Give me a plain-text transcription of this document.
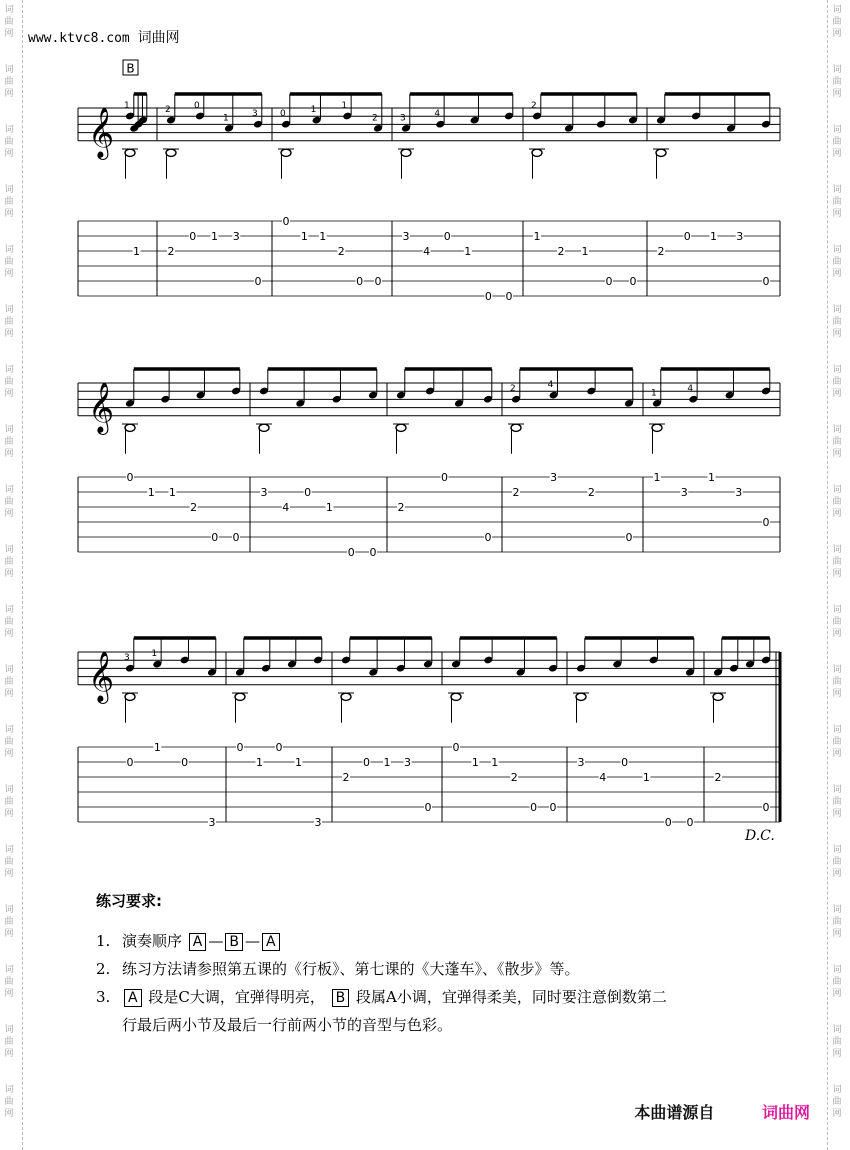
词
曲
网
词
曲
网
词
曲
网
词
曲
网
词
曲
网
词
曲
网
词
曲
网
词
曲
网
词
曲
网
词
曲
网
词
曲
网
词
曲
网
词
曲
网
词
曲
网
词
曲
网
词
曲
网
词
曲
网
词
曲
网
词
曲
网
词
曲
网
词
曲
网
词
曲
网
词
曲
网
词
曲
网
词
曲
网
词
曲
网
词
曲
网
词
曲
网
词
曲
网
词
曲
网
词
曲
网
词
曲
网
词
曲
网
词
曲
网
词
曲
网
词
曲
网
词
曲
网
词
曲
网
www.ktvc8.com 词曲网
B
𝄞
1
1
2
0 1 3
0
2	0
1	3
0
1 1
2
0 0
0	1	1
2
3
4
0
1
0 0
3	4
1
2 1
0 0
2
2
0 1 3
0
𝄞
0
1 1
2
0 0
3
4
0
1
0 0
2
0
0
2
3
2
0
2	4
1
3
1
3
0
1	4
𝄞
0
1
0
3
3 1
0
1
0
1
3
2
0 1 3
0
0
1 1
2
0 0
3
4
0
1
0 0
2
0
D.C.
练习要求:
1. 演奏顺序 A — B — A
2. 练习方法请参照第五课的《行板》、第七课的《大蓬车》、《散步》等。
3.	A 段是C大调，宜弹得明亮， B 段属A小调，宜弹得柔美，同时要注意倒数第二
行最后两小节及最后一行前两小节的音型与色彩。
本曲谱源自	词曲网
